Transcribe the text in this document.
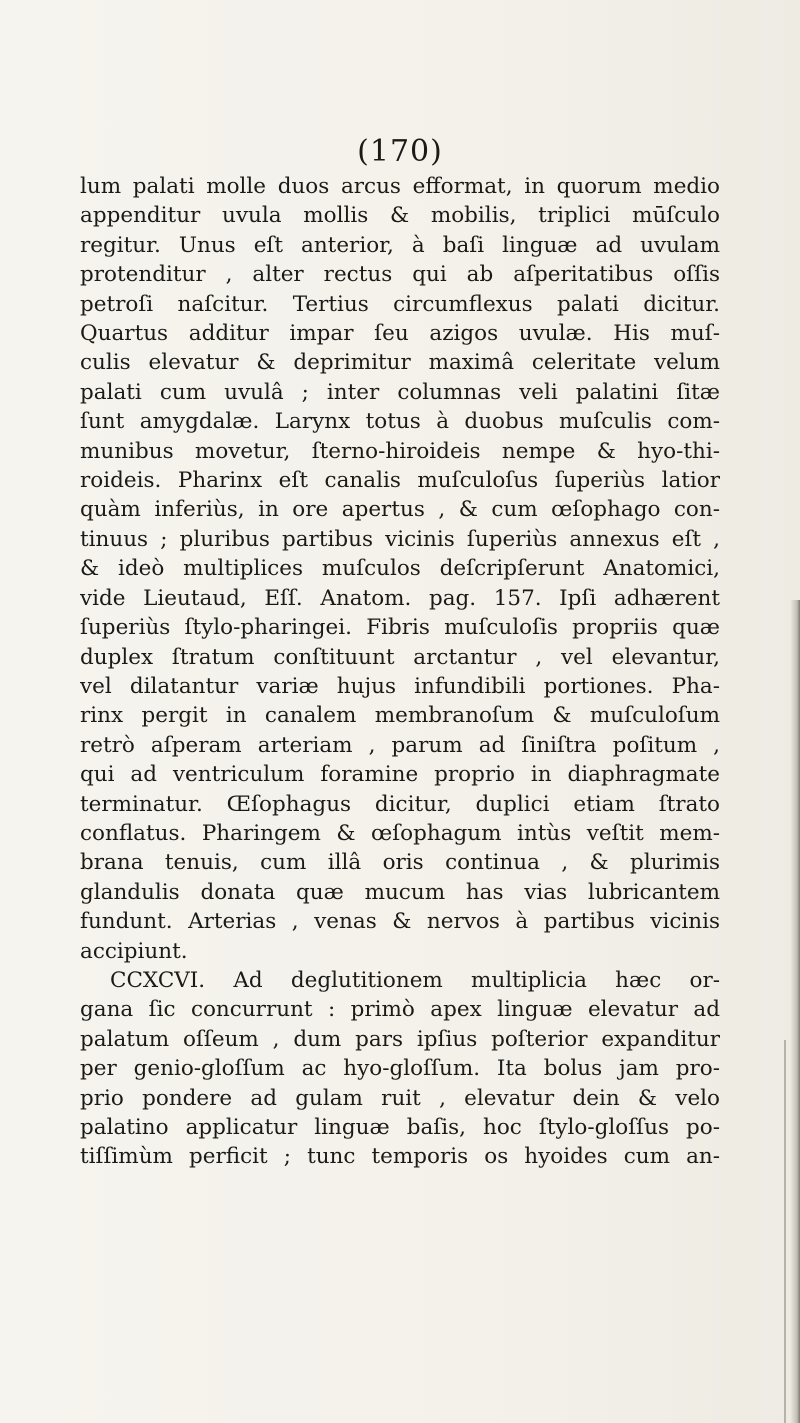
(170)
lum palati molle duos arcus efformat, in quorum medio
appenditur uvula mollis & mobilis, triplici mūſculo
regitur. Unus eſt anterior, à baſi linguæ ad uvulam
protenditur , alter rectus qui ab aſperitatibus oſſis
petroſi naſcitur. Tertius circumflexus palati dicitur.
Quartus additur impar ſeu azigos uvulæ. His muſ-
culis elevatur & deprimitur maximâ celeritate velum
palati cum uvulâ ; inter columnas veli palatini ſitæ
ſunt amygdalæ. Larynx totus à duobus muſculis com-
munibus movetur, ſterno-hiroideis nempe & hyo-thi-
roideis. Pharinx eſt canalis muſculoſus ſuperiùs latior
quàm inferiùs, in ore apertus , & cum œſophago con-
tinuus ; pluribus partibus vicinis ſuperiùs annexus eſt ,
& ideò multiplices muſculos deſcripſerunt Anatomici,
vide Lieutaud, Eſſ. Anatom. pag. 157. Ipſi adhærent
ſuperiùs ſtylo-pharingei. Fibris muſculoſis propriis quæ
duplex ſtratum conſtituunt arctantur , vel elevantur,
vel dilatantur variæ hujus infundibili portiones. Pha-
rinx pergit in canalem membranoſum & muſculoſum
retrò aſperam arteriam , parum ad ſiniſtra poſitum ,
qui ad ventriculum foramine proprio in diaphragmate
terminatur. Œſophagus dicitur, duplici etiam ſtrato
conflatus. Pharingem & œſophagum intùs veſtit mem-
brana tenuis, cum illâ oris continua , & plurimis
glandulis donata quæ mucum has vias lubricantem
fundunt. Arterias , venas & nervos à partibus vicinis
accipiunt.
CCXCVI. Ad deglutitionem multiplicia hæc or-
gana ſic concurrunt : primò apex linguæ elevatur ad
palatum oſſeum , dum pars ipſius poſterior expanditur
per genio-gloſſum ac hyo-gloſſum. Ita bolus jam pro-
prio pondere ad gulam ruit , elevatur dein & velo
palatino applicatur linguæ baſis, hoc ſtylo-gloſſus po-
tiſſimùm perficit ; tunc temporis os hyoides cum an-
